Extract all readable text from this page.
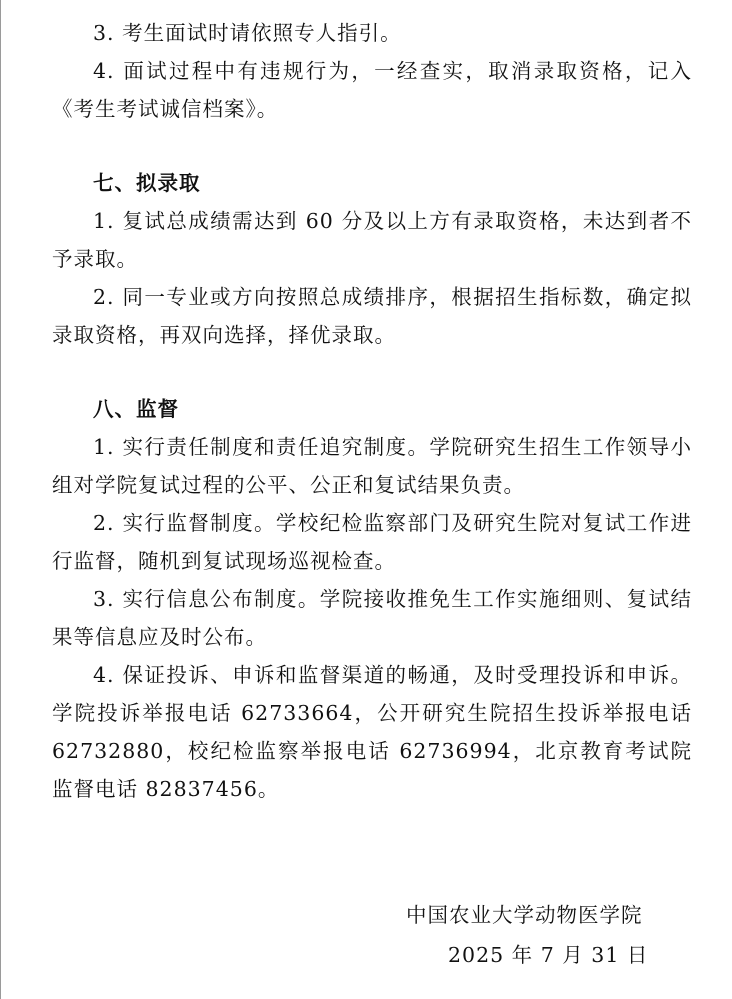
3. 考生面试时请依照专人指引。

4. 面试过程中有违规行为，一经查实，取消录取资格，记入《考生考试诚信档案》。

七、拟录取

1. 复试总成绩需达到 60 分及以上方有录取资格，未达到者不予录取。

2. 同一专业或方向按照总成绩排序，根据招生指标数，确定拟录取资格，再双向选择，择优录取。

八、监督

1. 实行责任制度和责任追究制度。学院研究生招生工作领导小组对学院复试过程的公平、公正和复试结果负责。

2. 实行监督制度。学校纪检监察部门及研究生院对复试工作进行监督，随机到复试现场巡视检查。

3. 实行信息公布制度。学院接收推免生工作实施细则、复试结果等信息应及时公布。

4. 保证投诉、申诉和监督渠道的畅通，及时受理投诉和申诉。学院投诉举报电话 62733664，公开研究生院招生投诉举报电话 62732880，校纪检监察举报电话 62736994，北京教育考试院监督电话 82837456。

中国农业大学动物医学院
2025 年 7 月 31 日
